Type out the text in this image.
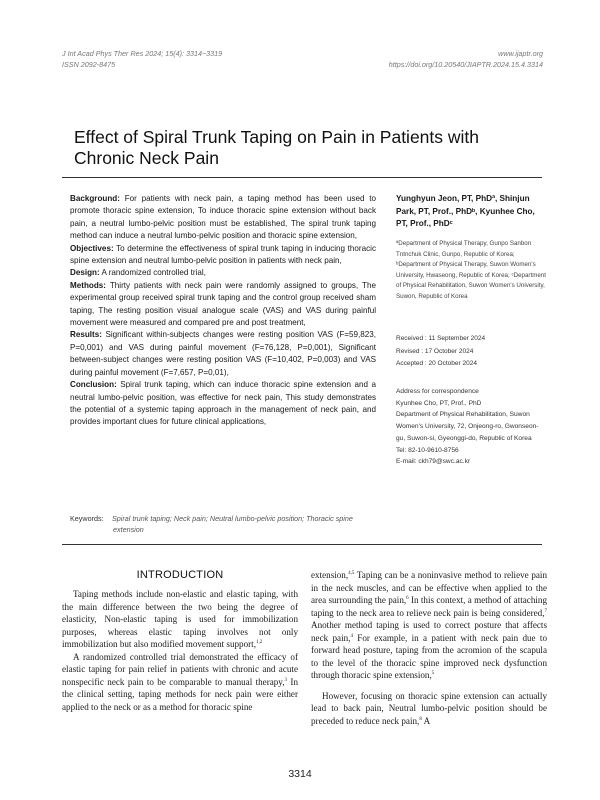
J Int Acad Phys Ther Res 2024; 15(4): 3314~3319
ISSN 2092-8475
www.ijaptr.org
https://doi.org/10.20540/JIAPTR.2024.15.4.3314
Effect of Spiral Trunk Taping on Pain in Patients with Chronic Neck Pain

Background: For patients with neck pain, a taping method has been used to promote thoracic spine extension, To induce thoracic spine extension without back pain, a neutral lumbo-pelvic position must be established, The spiral trunk taping method can induce a neutral lumbo-pelvic position and thoracic spine extension,

Objectives: To determine the effectiveness of spiral trunk taping in inducing thoracic spine extension and neutral lumbo-pelvic position in patients with neck pain,

Design: A randomized controlled trial,

Methods: Thirty patients with neck pain were randomly assigned to groups, The experimental group received spiral trunk taping and the control group received sham taping, The resting position visual analogue scale (VAS) and VAS during painful movement were measured and compared pre and post treatment,

Results: Significant within-subjects changes were resting position VAS (F=59,823, P=0,001) and VAS during painful movement (F=76,128, P=0,001), Significant between-subject changes were resting position VAS (F=10,402, P=0,003) and VAS during painful movement (F=7,657, P=0,01),

Conclusion: Spiral trunk taping, which can induce thoracic spine extension and a neutral lumbo-pelvic position, was effective for neck pain, This study demonstrates the potential of a systemic taping approach in the management of neck pain, and provides important clues for future clinical applications,

Yunghyun Jeon, PT, PhDª, Shinjun Park, PT, Prof., PhDᵇ, Kyunhee Cho, PT, Prof., PhDᶜ
ªDepartment of Physical Therapy, Gunpo Sanbon Tntnchuk Clinic, Gunpo, Republic of Korea;
ᵇDepartment of Physical Therapy, Suwon Women's University, Hwaseong, Republic of Korea; ᶜDepartment of Physical Rehabilitation, Suwon Women's University, Suwon, Republic of Korea
Received : 11 September 2024
Revised : 17 October 2024
Accepted : 20 October 2024
Address for correspondence
Kyunhee Cho, PT, Prof., PhD
Department of Physical Rehabilitation, Suwon Women's University, 72, Onjeong-ro, Gwonseon-gu, Suwon-si, Gyeonggi-do, Republic of Korea
Tel: 82-10-9610-8756
E-mail: ckh79@swc.ac.kr
Keywords: Spiral trunk taping; Neck pain; Neutral lumbo-pelvic position; Thoracic spine
extension
INTRODUCTION

Taping methods include non-elastic and elastic taping, with the main difference between the two being the degree of elasticity, Non-elastic taping is used for immobilization purposes, whereas elastic taping involves not only immobilization but also modified movement support,$^{1,2}$

A randomized controlled trial demonstrated the efficacy of elastic taping for pain relief in patients with chronic and acute nonspecific neck pain to be comparable to manual therapy,$^3$ In the clinical setting, taping methods for neck pain were either applied to the neck or as a method for thoracic spine

extension,$^{4,5}$ Taping can be a noninvasive method to relieve pain in the neck muscles, and can be effective when applied to the area surrounding the pain,$^6$ In this context, a method of attaching taping to the neck area to relieve neck pain is being considered,$^7$ Another method taping is used to correct posture that affects neck pain,$^4$ For example, in a patient with neck pain due to forward head posture, taping from the acromion of the scapula to the level of the thoracic spine improved neck dysfunction through thoracic spine extension,$^5$

However, focusing on thoracic spine extension can actually lead to back pain, Neutral lumbo-pelvic position should be preceded to reduce neck pain,$^8$ A

3314
